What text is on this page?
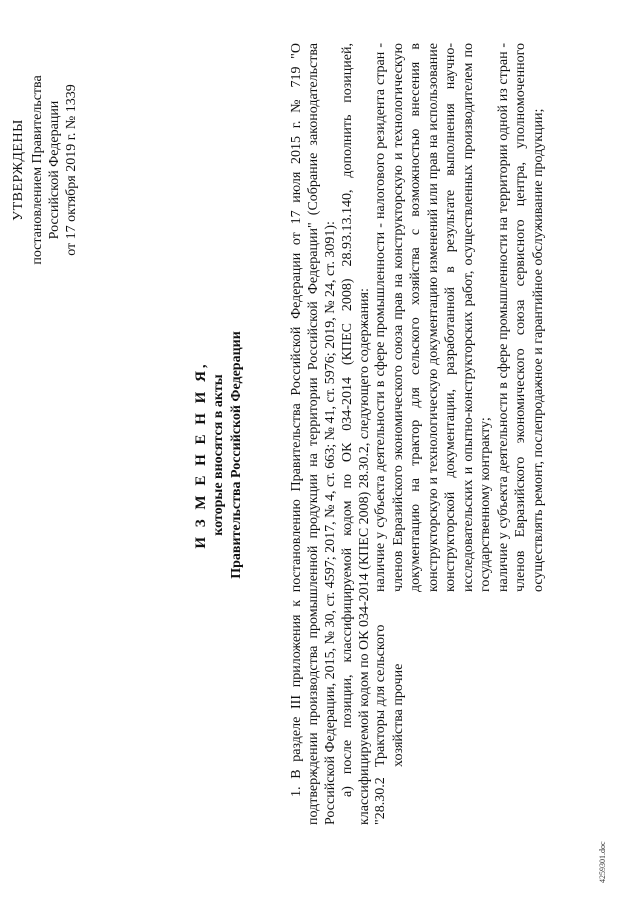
УТВЕРЖДЕНЫ постановлением Правительства Российской Федерации от 17 октября 2019 г. № 1339
И З М Е Н Е Н И Я, которые вносятся в акты Правительства Российской Федерации	1. В разделе III приложения к постановлению Правительства Российской Федерации от 17 июля 2015 г. № 719 "О подтверждении производства промышленной продукции на территории Российской Федерации" (Собрание законодательства Российской Федерации, 2015, № 30, ст. 4597; 2017, № 4, ст. 663; № 41, ст. 5976; 2019, № 24, ст. 3091): а) после позиции, классифицируемой кодом по ОК 034-2014 (КПЕС 2008) 28.93.13.140, дополнить позицией, классифицируемой кодом по ОК 034-2014 (КПЕС 2008) 28.30.2, следующего содержания: "28.30.2
Тракторы для сельского хозяйства прочие
наличие у субъекта деятельности в сфере промышленности - налогового резидента стран - членов Евразийского экономического союза прав на конструкторскую и технологическую документацию на трактор для сельского хозяйства с возможностью внесения в конструкторскую и технологическую документацию изменений или прав на использование конструкторской документации, разработанной в результате выполнения научно-исследовательских и опытно-конструкторских работ, осуществленных производителем по государственному контракту; наличие у субъекта деятельности в сфере промышленности на территории одной из стран - членов Евразийского экономического союза сервисного центра, уполномоченного осуществлять ремонт, послепродажное и гарантийное обслуживание продукции;
4259301.doc
